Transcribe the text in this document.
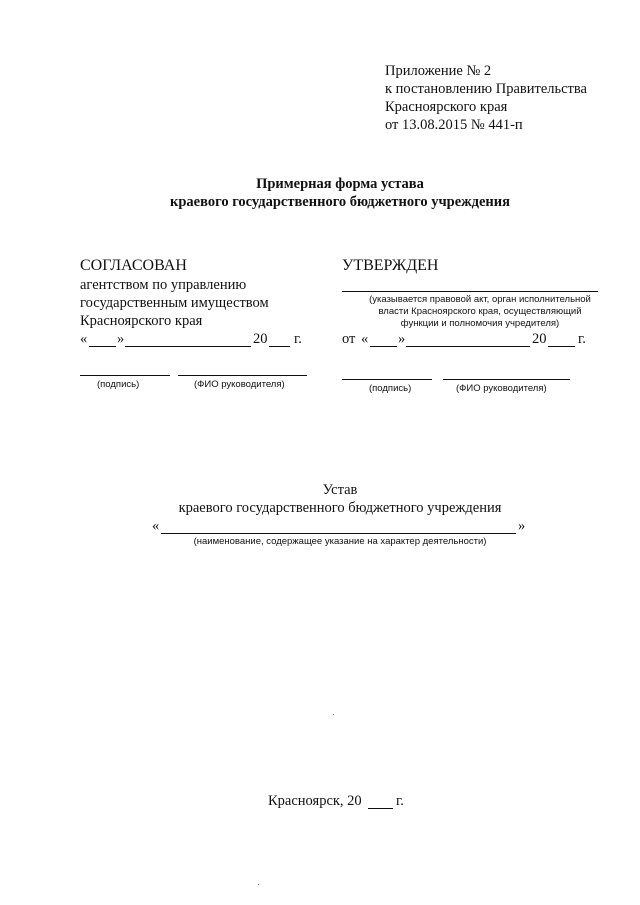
Приложение № 2
к постановлению Правительства
Красноярского края
от 13.08.2015 № 441-п
Примерная форма устава
краевого государственного бюджетного учреждения
СОГЛАСОВАН
агентством по управлению
государственным имуществом
Красноярского края
« »	20 г.
(подпись)	(ФИО руководителя)
УТВЕРЖДЕН
(указывается правовой акт, орган исполнительной
власти Красноярского края, осуществляющий
функции и полномочия учредителя)
от « »	20 г.
(подпись)	(ФИО руководителя)
Устав
краевого государственного бюджетного учреждения
«	»
(наименование, содержащее указание на характер деятельности)
Красноярск, 20 г.
